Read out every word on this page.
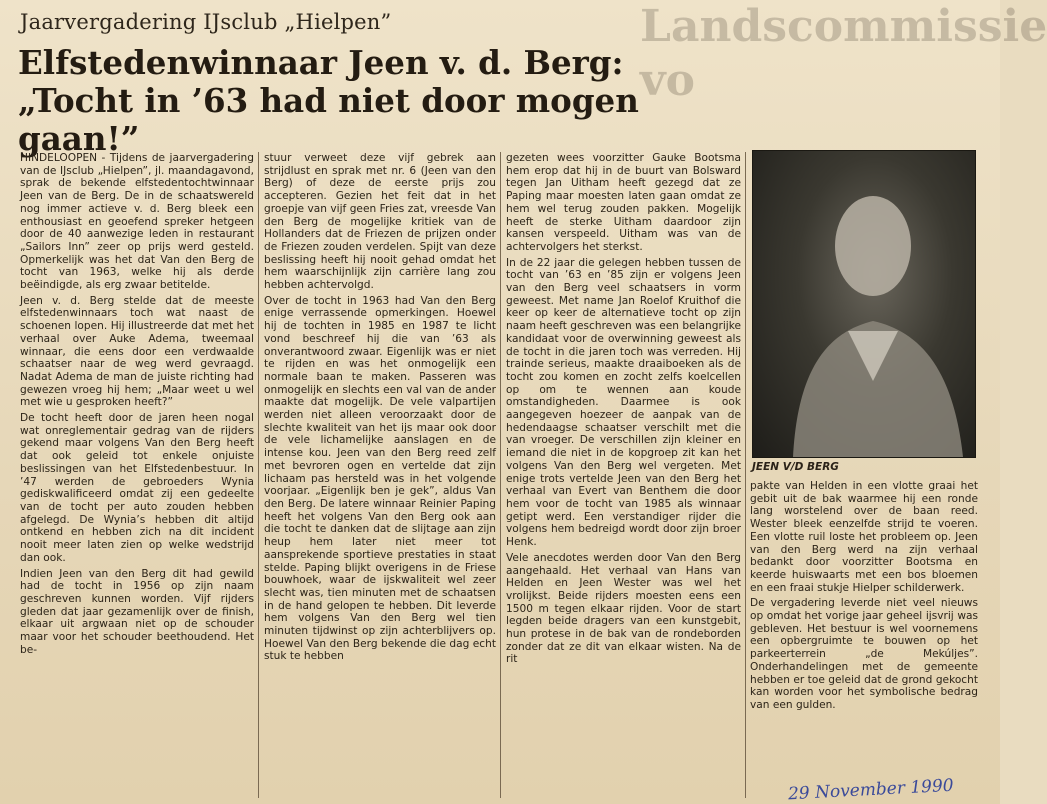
Landscommissie vo
Jaarvergadering IJsclub „Hielpen”
Elfstedenwinnaar Jeen v. d. Berg: „Tocht in ’63 had niet door mogen gaan!”

HINDELOOPEN - Tijdens de jaarvergadering van de IJsclub „Hielpen”, jl. maandagavond, sprak de bekende elfstedentochtwinnaar Jeen van de Berg. De in de schaatswereld nog immer actieve v. d. Berg bleek een enthousiast en geoefend spreker hetgeen door de 40 aanwezige leden in restaurant „Sailors Inn” zeer op prijs werd gesteld. Opmerkelijk was het dat Van den Berg de tocht van 1963, welke hij als derde beëindigde, als erg zwaar betitelde.

Jeen v. d. Berg stelde dat de meeste elfstedenwinnaars toch wat naast de schoenen lopen. Hij illustreerde dat met het verhaal over Auke Adema, tweemaal winnaar, die eens door een verdwaalde schaatser naar de weg werd gevraagd. Nadat Adema de man de juiste richting had gewezen vroeg hij hem; „Maar weet u wel met wie u gesproken heeft?”

De tocht heeft door de jaren heen nogal wat onreglementair gedrag van de rijders gekend maar volgens Van den Berg heeft dat ook geleid tot enkele onjuiste beslissingen van het Elfstedenbestuur. In ’47 werden de gebroeders Wynia gediskwalificeerd omdat zij een gedeelte van de tocht per auto zouden hebben afgelegd. De Wynia’s hebben dit altijd ontkend en hebben zich na dit incident nooit meer laten zien op welke wedstrijd dan ook.

Indien Jeen van den Berg dit had gewild had de tocht in 1956 op zijn naam geschreven kunnen worden. Vijf rijders gleden dat jaar gezamenlijk over de finish, elkaar uit argwaan niet op de schouder maar voor het schouder beethoudend. Het be-

stuur verweet deze vijf gebrek aan strijdlust en sprak met nr. 6 (Jeen van den Berg) of deze de eerste prijs zou accepteren. Gezien het feit dat in het groepje van vijf geen Fries zat, vreesde Van den Berg de mogelijke kritiek van de Hollanders dat de Friezen de prijzen onder de Friezen zouden verdelen. Spijt van deze beslissing heeft hij nooit gehad omdat het hem waarschijnlijk zijn carrière lang zou hebben achtervolgd.

Over de tocht in 1963 had Van den Berg enige verrassende opmerkingen. Hoewel hij de tochten in 1985 en 1987 te licht vond beschreef hij die van ’63 als onverantwoord zwaar. Eigenlijk was er niet te rijden en was het onmogelijk een normale baan te maken. Passeren was onmogelijk en slechts een val van de ander maakte dat mogelijk. De vele valpartijen werden niet alleen veroorzaakt door de slechte kwaliteit van het ijs maar ook door de vele lichamelijke aanslagen en de intense kou. Jeen van den Berg reed zelf met bevroren ogen en vertelde dat zijn lichaam pas hersteld was in het volgende voorjaar. „Eigenlijk ben je gek”, aldus Van den Berg. De latere winnaar Reinier Paping heeft het volgens Van den Berg ook aan die tocht te danken dat de slijtage aan zijn heup hem later niet meer tot aansprekende sportieve prestaties in staat stelde. Paping blijkt overigens in de Friese bouwhoek, waar de ijskwaliteit wel zeer slecht was, tien minuten met de schaatsen in de hand gelopen te hebben. Dit leverde hem volgens Van den Berg wel tien minuten tijdwinst op zijn achterblijvers op. Hoewel Van den Berg bekende die dag echt stuk te hebben

gezeten wees voorzitter Gauke Bootsma hem erop dat hij in de buurt van Bolsward tegen Jan Uitham heeft gezegd dat ze Paping maar moesten laten gaan omdat ze hem wel terug zouden pakken. Mogelijk heeft de sterke Uitham daardoor zijn kansen verspeeld. Uitham was van de achtervolgers het sterkst.

In de 22 jaar die gelegen hebben tussen de tocht van ’63 en ’85 zijn er volgens Jeen van den Berg veel schaatsers in vorm geweest. Met name Jan Roelof Kruithof die keer op keer de alternatieve tocht op zijn naam heeft geschreven was een belangrijke kandidaat voor de overwinning geweest als de tocht in die jaren toch was verreden. Hij traindе serieus, maakte draaiboeken als de tocht zou komen en zocht zelfs koelcellen op om te wennen aan koude omstandigheden. Daarmee is ook aangegeven hoezeer de aanpak van de hedendaagse schaatser verschilt met die van vroeger. De verschillen zijn kleiner en iemand die niet in de kopgroep zit kan het volgens Van den Berg wel vergeten. Met enige trots vertelde Jeen van den Berg het verhaal van Evert van Benthem die door hem voor de tocht van 1985 als winnaar getipt werd. Een verstandiger rijder die volgens hem bedreigd wordt door zijn broer Henk.

Vele anecdotes werden door Van den Berg aangehaald. Het verhaal van Hans van Helden en Jeen Wester was wel het vrolijkst. Beide rijders moesten eens een 1500 m tegen elkaar rijden. Voor de start legden beide dragers van een kunstgebit, hun protese in de bak van de rondeborden zonder dat ze dit van elkaar wisten. Na de rit

JEEN V/D BERG

pakte van Helden in een vlotte graai het gebit uit de bak waarmee hij een ronde lang worstelend over de baan reed. Wester bleek eenzelfde strijd te voeren. Een vlotte ruil loste het probleem op. Jeen van den Berg werd na zijn verhaal bedankt door voorzitter Bootsma en keerde huiswaarts met een bos bloemen en een fraai stukje Hielper schilderwerk.

De vergadering leverde niet veel nieuws op omdat het vorige jaar geheel ijsvrij was gebleven. Het bestuur is wel voornemens een opbergruimte te bouwen op het parkeerterrein „de Mekúljes”. Onderhandelingen met de gemeente hebben er toe geleid dat de grond gekocht kan worden voor het symbolische bedrag van een gulden.

29 November 1990
